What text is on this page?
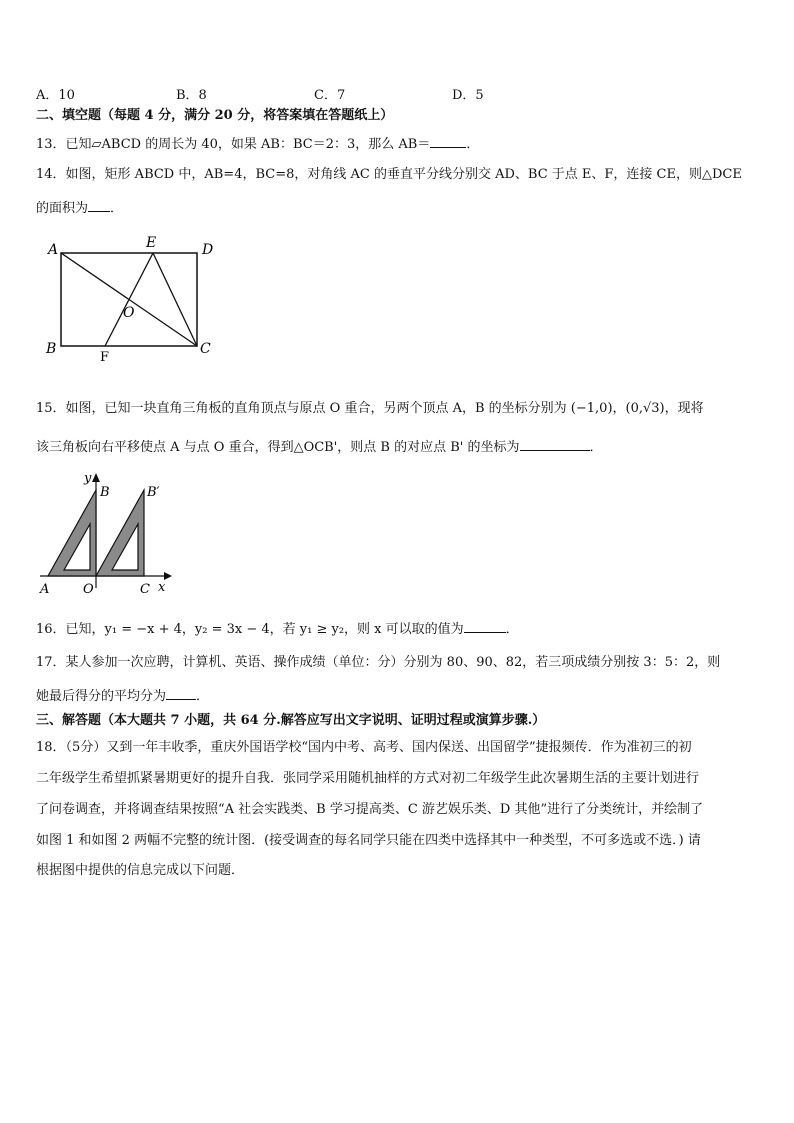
A．10	B．8	C．7	D．5
二、填空题（每题 4 分，满分 20 分，将答案填在答题纸上）
13．已知▱ABCD 的周长为 40，如果 AB：BC＝2：3，那么 AB＝	．
14．如图，矩形 ABCD 中，AB=4，BC=8，对角线 AC 的垂直平分线分别交 AD、BC 于点 E、F，连接 CE，则△DCE
的面积为 ．
A	E	D
O
B
F
C
15．如图，已知一块直角三角板的直角顶点与原点 O 重合，另两个顶点 A，B 的坐标分别为 (−1,0)，(0,√3)，现将
该三角板向右平移使点 A 与点 O 重合，得到△OCB'，则点 B 的对应点 B' 的坐标为	．
y
B	B′
A	O	C x
16．已知，y₁ = −x + 4，y₂ = 3x − 4，若 y₁ ≥ y₂，则 x 可以取的值为	．
17．某人参加一次应聘，计算机、英语、操作成绩（单位：分）分别为 80、90、82，若三项成绩分别按 3：5：2，则
她最后得分的平均分为 ．
三、解答题（本大题共 7 小题，共 64 分.解答应写出文字说明、证明过程或演算步骤.）
18．（5分）又到一年丰收季，重庆外国语学校“国内中考、高考、国内保送、出国留学”捷报频传．作为准初三的初
二年级学生希望抓紧暑期更好的提升自我．张同学采用随机抽样的方式对初二年级学生此次暑期生活的主要计划进行
了问卷调查，并将调查结果按照“A 社会实践类、B 学习提高类、C 游艺娱乐类、D 其他”进行了分类统计，并绘制了
如图 1 和如图 2 两幅不完整的统计图．(接受调查的每名同学只能在四类中选择其中一种类型，不可多选或不选．) 请
根据图中提供的信息完成以下问题．
